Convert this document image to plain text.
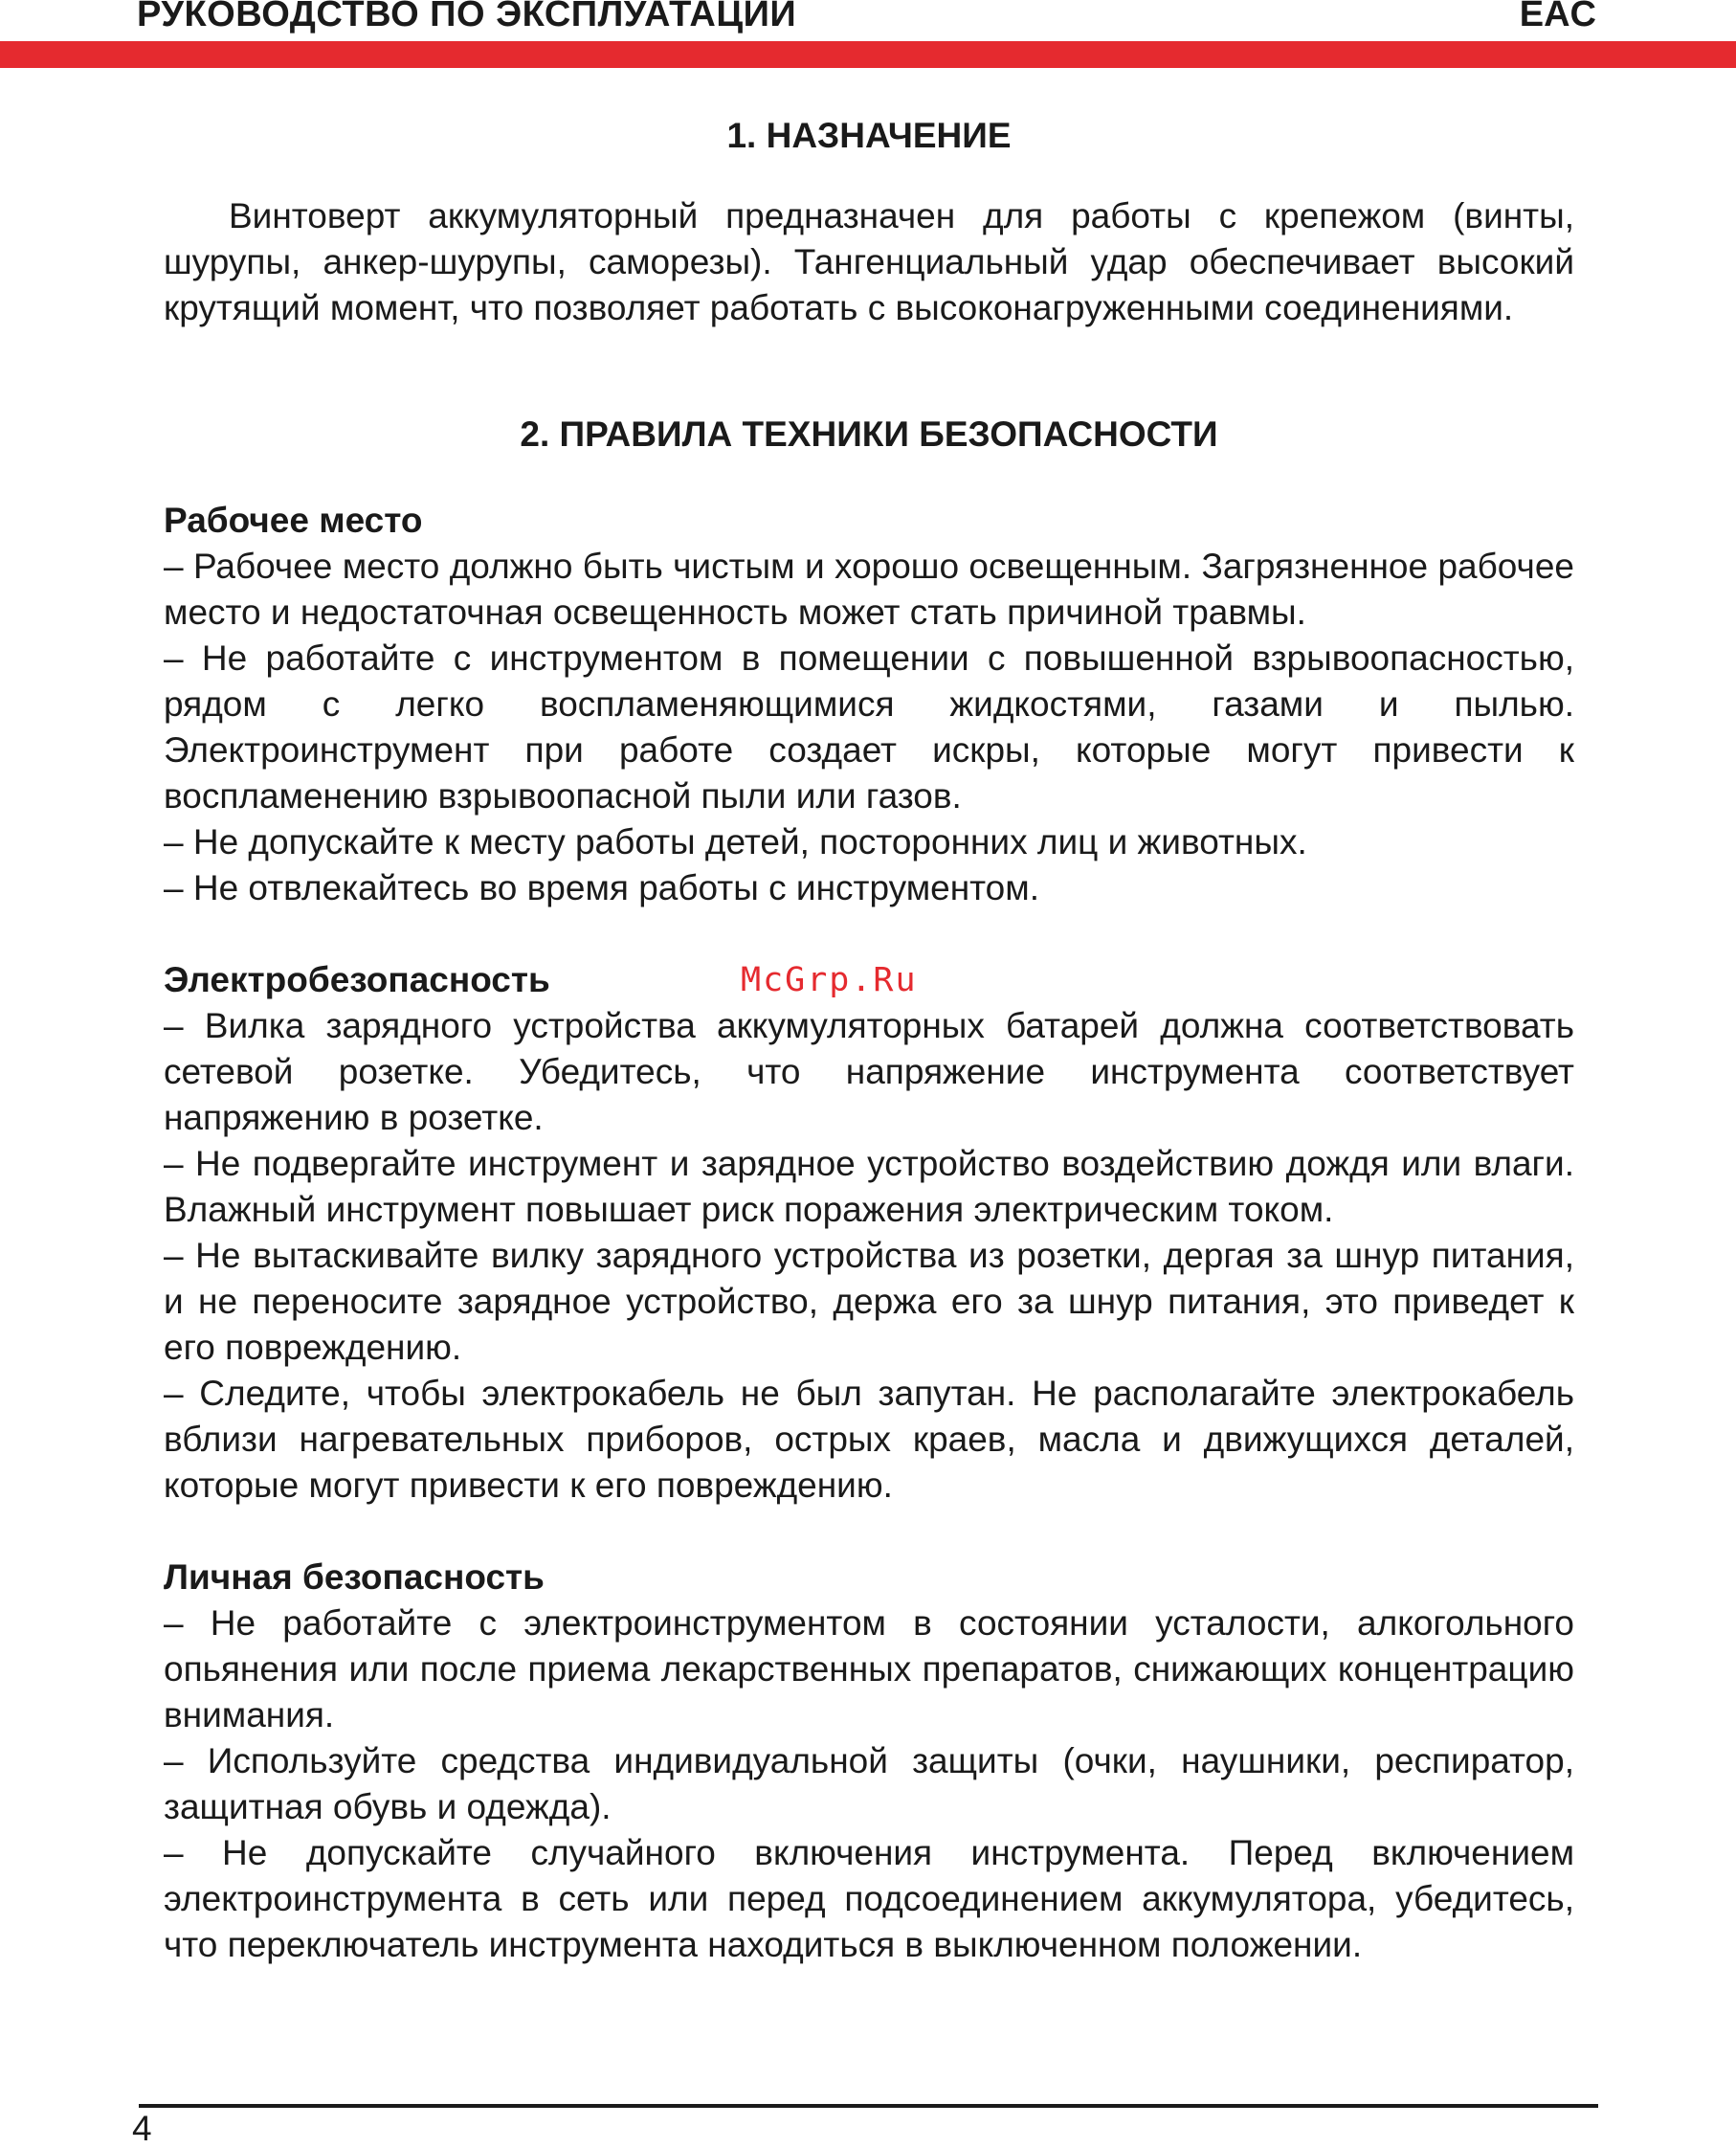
РУКОВОДСТВО ПО ЭКСПЛУАТАЦИИ	EAC
1. НАЗНАЧЕНИЕ

Винтоверт аккумуляторный предназначен для работы с крепежом (винты, шурупы, анкер-шурупы, саморезы). Тангенциальный удар обеспечивает высокий крутящий момент, что позволяет работать с высоконагруженными соединениями.

2. ПРАВИЛА ТЕХНИКИ БЕЗОПАСНОСТИ
Рабочее место

– Рабочее место должно быть чистым и хорошо освещенным. Загрязненное рабочее место и недостаточная освещенность может стать причиной травмы.

– Не работайте с инструментом в помещении с повышенной взрывоопасностью, рядом с легко воспламеняющимися жидкостями, газами и пылью. Электроинструмент при работе создает искры, которые могут привести к воспламенению взрывоопасной пыли или газов.

– Не допускайте к месту работы детей, посторонних лиц и животных.

– Не отвлекайтесь во время работы с инструментом.

Электробезопасность	McGrp.Ru

– Вилка зарядного устройства аккумуляторных батарей должна соответствовать сетевой розетке. Убедитесь, что напряжение инструмента соответствует напряжению в розетке.

– Не подвергайте инструмент и зарядное устройство воздействию дождя или влаги. Влажный инструмент повышает риск поражения электрическим током.

– Не вытаскивайте вилку зарядного устройства из розетки, дергая за шнур питания, и не переносите зарядное устройство, держа его за шнур питания, это приведет к его повреждению.

– Следите, чтобы электрокабель не был запутан. Не располагайте электрокабель вблизи нагревательных приборов, острых краев, масла и движущихся деталей, которые могут привести к его повреждению.

Личная безопасность

– Не работайте с электроинструментом в состоянии усталости, алкогольного опьянения или после приема лекарственных препаратов, снижающих концентрацию внимания.

– Используйте средства индивидуальной защиты (очки, наушники, респиратор, защитная обувь и одежда).

– Не допускайте случайного включения инструмента. Перед включением электроинструмента в сеть или перед подсоединением аккумулятора, убедитесь, что переключатель инструмента находиться в выключенном положении.

4
